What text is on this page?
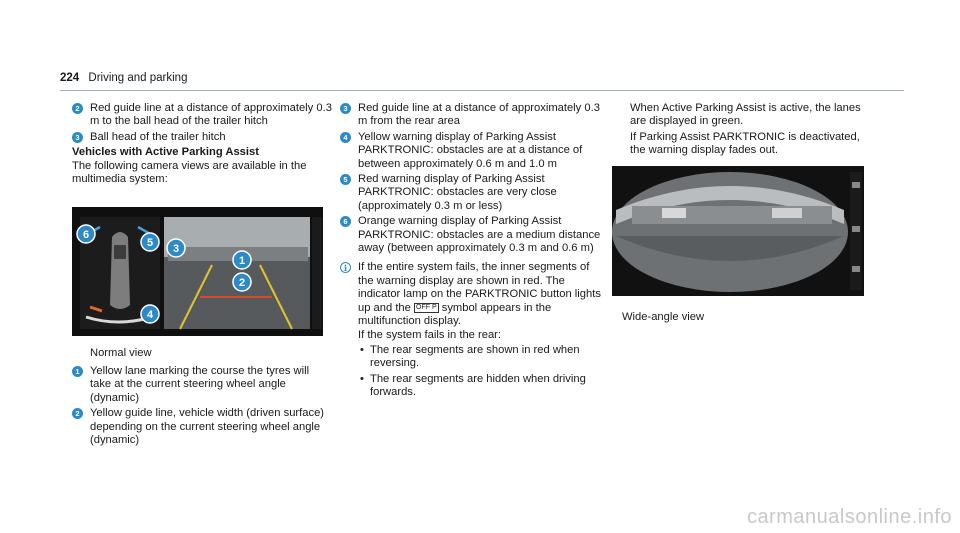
224 Driving and parking
2 Red guide line at a distance of approximately 0.3 m to the ball head of the trailer hitch
3 Ball head of the trailer hitch
Vehicles with Active Parking Assist
The following camera views are available in the multimedia system:
6
5 3
1
2
4
Normal view
1 Yellow lane marking the course the tyres will take at the current steering wheel angle (dynamic)
2 Yellow guide line, vehicle width (driven surface) depending on the current steering wheel angle (dynamic)
3 Red guide line at a distance of approximately 0.3 m from the rear area
4 Yellow warning display of Parking Assist PARKTRONIC: obstacles are at a distance of between approximately 0.6 m and 1.0 m
5 Red warning display of Parking Assist PARKTRONIC: obstacles are very close (approximately 0.3 m or less)
6 Orange warning display of Parking Assist PARKTRONIC: obstacles are a medium distance away (between approximately 0.3 m and 0.6 m)
i If the entire system fails, the inner segments of the warning display are shown in red. The indicator lamp on the PARKTRONIC button lights up and the OFF P symbol appears in the multifunction display.
If the system fails in the rear:
• The rear segments are shown in red when reversing.
• The rear segments are hidden when driving forwards.
When Active Parking Assist is active, the lanes are displayed in green.
If Parking Assist PARKTRONIC is deactivated, the warning display fades out.
Wide-angle view
carmanualsonline.info
